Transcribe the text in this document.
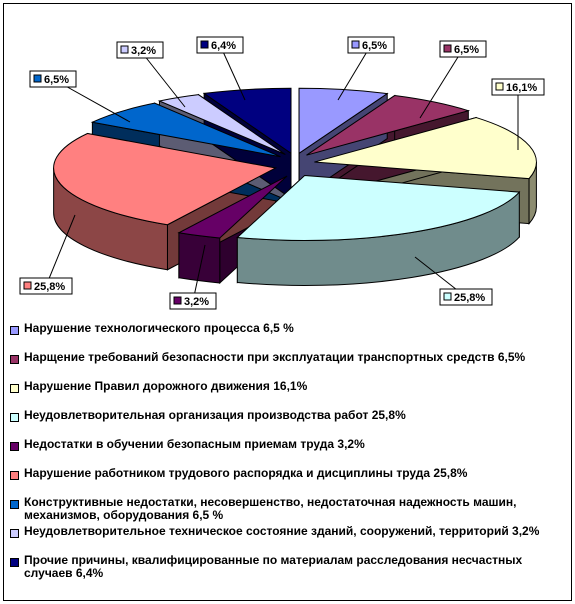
6,5%	6,5%
16,1%
25,8%
3,2%
25,8%
6,5%
3,2%	6,4%
Нарушение технологического процесса 6,5 %
Нарщение требований безопасности при эксплуатации транспортных средств 6,5%
Нарушение Правил дорожного движения 16,1%
Неудовлетворительная организация производства работ 25,8%
Недостатки в обучении безопасным приемам труда 3,2%
Нарушение работником трудового распорядка и дисциплины труда 25,8%
Конструктивные недостатки, несовершенство, недостаточная надежность машин, механизмов, оборудования 6,5 %
Неудовлетворительное техническое состояние зданий, сооружений, территорий 3,2%
Прочие причины, квалифицированные по материалам расследования несчастных случаев 6,4%
